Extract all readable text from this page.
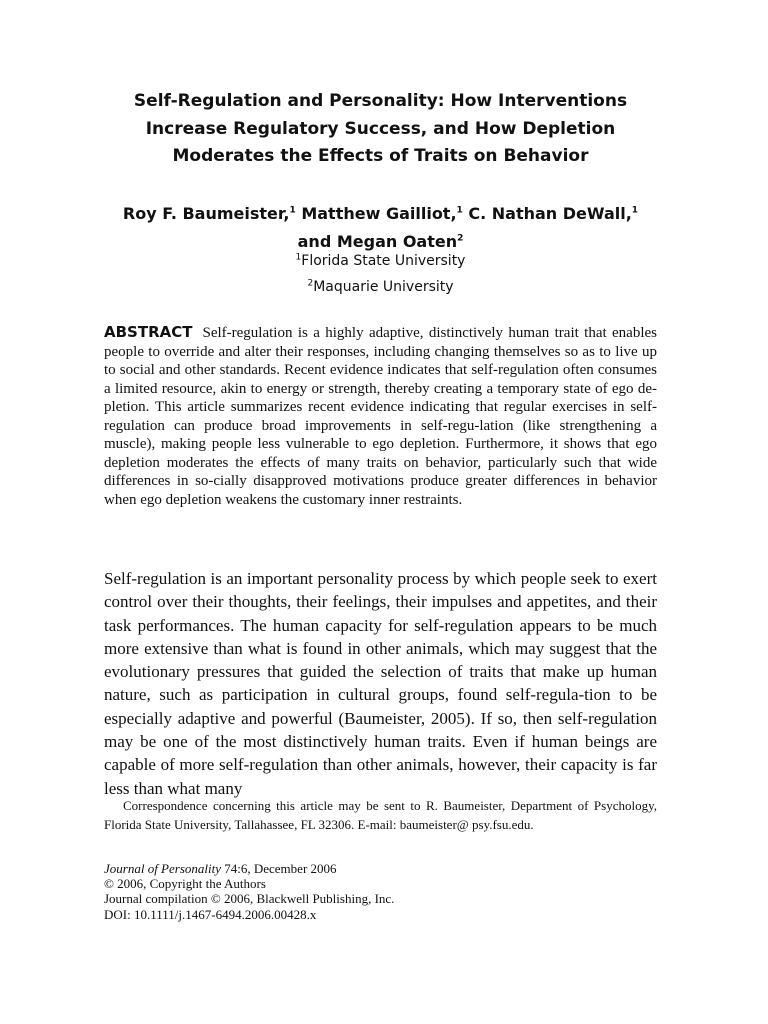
Self-Regulation and Personality: How Interventions
Increase Regulatory Success, and How Depletion
Moderates the Effects of Traits on Behavior
Roy F. Baumeister,$^1$ Matthew Gailliot,$^1$ C. Nathan DeWall,$^1$
and Megan Oaten$^2$
$^1$Florida State University
$^2$Maquarie University
ABSTRACT Self-regulation is a highly adaptive, distinctively human trait that enables people to override and alter their responses, including changing themselves so as to live up to social and other standards. Recent evidence indicates that self-regulation often consumes a limited resource, akin to energy or strength, thereby creating a temporary state of ego de-pletion. This article summarizes recent evidence indicating that regular exercises in self-regulation can produce broad improvements in self-regu-lation (like strengthening a muscle), making people less vulnerable to ego depletion. Furthermore, it shows that ego depletion moderates the effects of many traits on behavior, particularly such that wide differences in so-cially disapproved motivations produce greater differences in behavior when ego depletion weakens the customary inner restraints.
Self-regulation is an important personality process by which people seek to exert control over their thoughts, their feelings, their impulses and appetites, and their task performances. The human capacity for self-regulation appears to be much more extensive than what is found in other animals, which may suggest that the evolutionary pressures that guided the selection of traits that make up human nature, such as participation in cultural groups, found self-regula-tion to be especially adaptive and powerful (Baumeister, 2005). If so, then self-regulation may be one of the most distinctively human traits. Even if human beings are capable of more self-regulation than other animals, however, their capacity is far less than what many
Correspondence concerning this article may be sent to R. Baumeister, Department of Psychology, Florida State University, Tallahassee, FL 32306. E-mail: baumeister@ psy.fsu.edu.
Journal of Personality 74:6, December 2006
© 2006, Copyright the Authors
Journal compilation © 2006, Blackwell Publishing, Inc.
DOI: 10.1111/j.1467-6494.2006.00428.x
